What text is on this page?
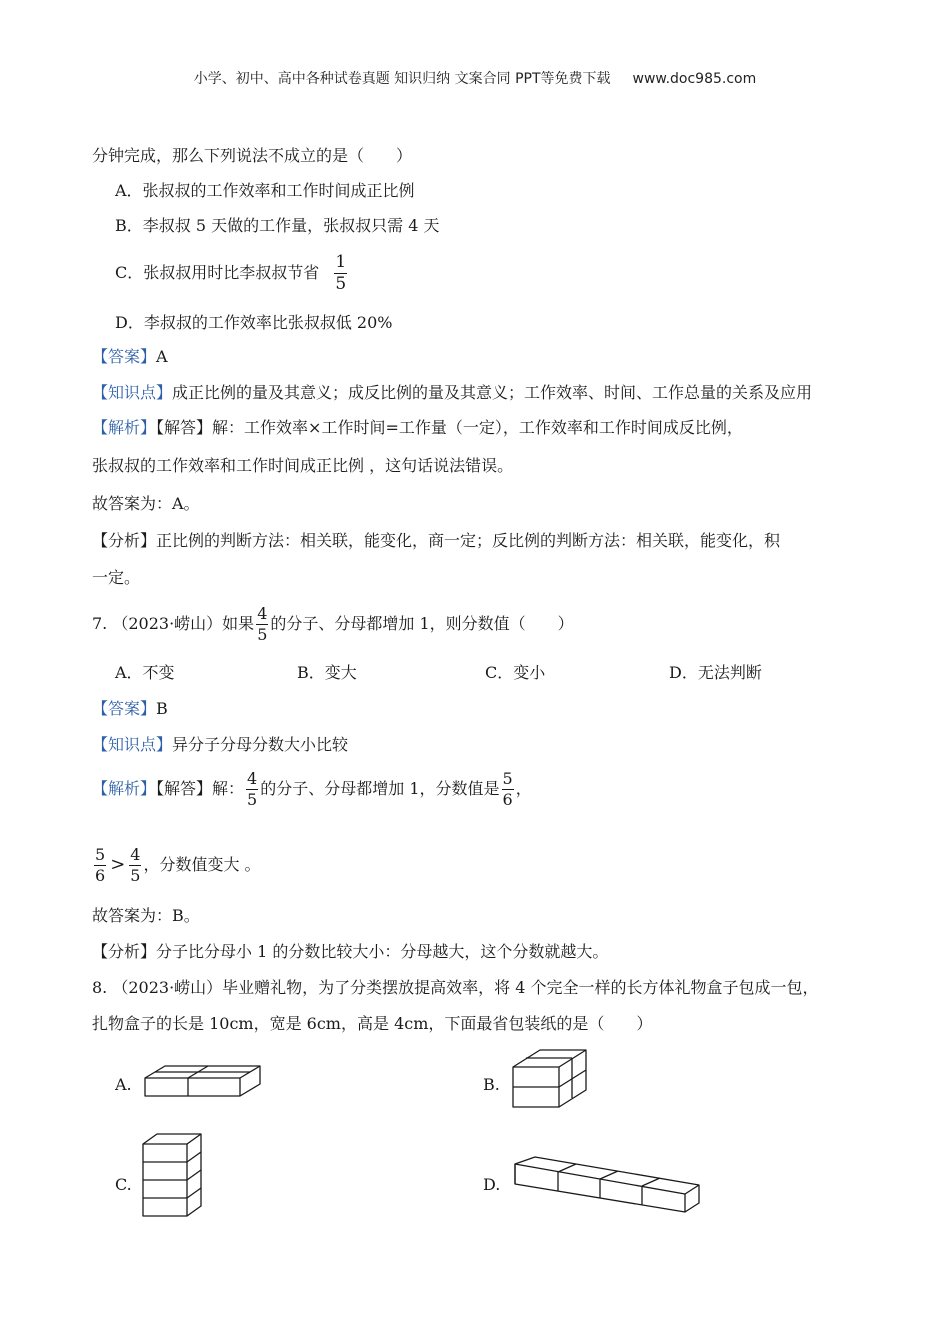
小学、初中、高中各种试卷真题 知识归纳 文案合同 PPT等免费下载 www.doc985.com
分钟完成，那么下列说法不成立的是（　　）
A．张叔叔的工作效率和工作时间成正比例
B．李叔叔 5 天做的工作量，张叔叔只需 4 天
C．张叔叔用时比李叔叔节省 $\frac{1}{5}$
D．李叔叔的工作效率比张叔叔低 20%
【答案】A
【知识点】成正比例的量及其意义；成反比例的量及其意义；工作效率、时间、工作总量的关系及应用
【解析】【解答】解：工作效率×工作时间=工作量（一定），工作效率和工作时间成反比例，
张叔叔的工作效率和工作时间成正比例 ，这句话说法错误。
故答案为：A。
【分析】正比例的判断方法：相关联，能变化，商一定；反比例的判断方法：相关联，能变化，积
一定。
7. （2023·崂山）如果 $\frac{4}{5}$ 的分子、分母都增加 1，则分数值（　　）
A．不变	B．变大	C．变小	D．无法判断
【答案】B
【知识点】异分子分母分数大小比较
【解析】【解答】解： $\frac{4}{5}$ 的分子、分母都增加 1，分数值是 $\frac{5}{6}$ ，
$\frac{5}{6} > \frac{4}{5}$ ，分数值变大 。
故答案为：B。
【分析】分子比分母小 1 的分数比较大小：分母越大，这个分数就越大。
8. （2023·崂山）毕业赠礼物，为了分类摆放提高效率，将 4 个完全一样的长方体礼物盒子包成一包，
扎物盒子的长是 10cm，宽是 6cm，高是 4cm，下面最省包装纸的是（　　）
A.	B.
C.	D.
